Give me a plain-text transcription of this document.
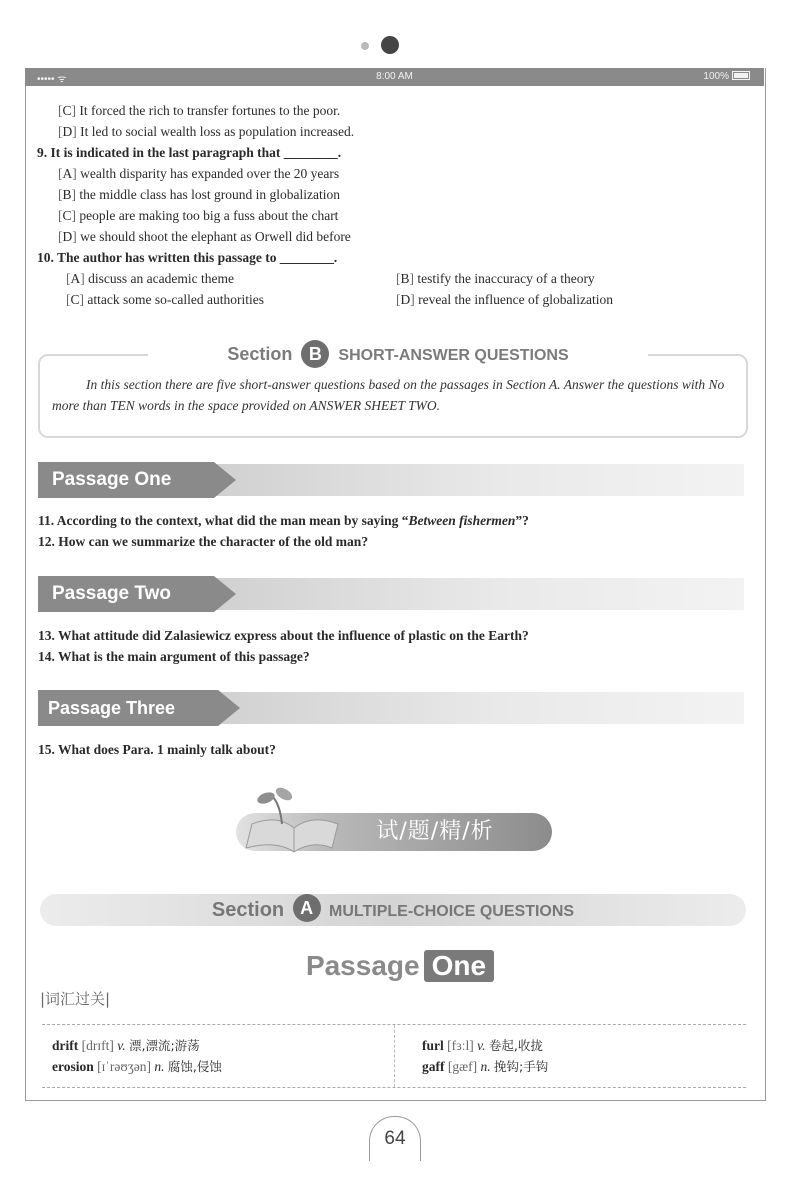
••••• ᯤ	8:00 AM	100%
[C] It forced the rich to transfer fortunes to the poor.
[D] It led to social wealth loss as population increased.
9. It is indicated in the last paragraph that ________.
[A] wealth disparity has expanded over the 20 years
[B] the middle class has lost ground in globalization
[C] people are making too big a fuss about the chart
[D] we should shoot the elephant as Orwell did before
10. The author has written this passage to ________.
[A] discuss an academic theme	[B] testify the inaccuracy of a theory
[C] attack some so-called authorities	[D] reveal the influence of globalization
Section B SHORT-ANSWER QUESTIONS
In this section there are five short-answer questions based on the passages in Section A. Answer the questions with No more than TEN words in the space provided on ANSWER SHEET TWO.
Passage One
11. According to the context, what did the man mean by saying “Between fishermen”?
12. How can we summarize the character of the old man?
Passage Two
13. What attitude did Zalasiewicz express about the influence of plastic on the Earth?
14. What is the main argument of this passage?
Passage Three
15. What does Para. 1 mainly talk about?
试/题/精/析
Section A MULTIPLE-CHOICE QUESTIONS
Passage One
|词汇过关|
drift [drɪft] v. 漂,漂流;游荡
erosion [ɪˈrəʊʒən] n. 腐蚀,侵蚀
furl [fɜːl] v. 卷起,收拢
gaff [gæf] n. 挽钩;手钩
64
